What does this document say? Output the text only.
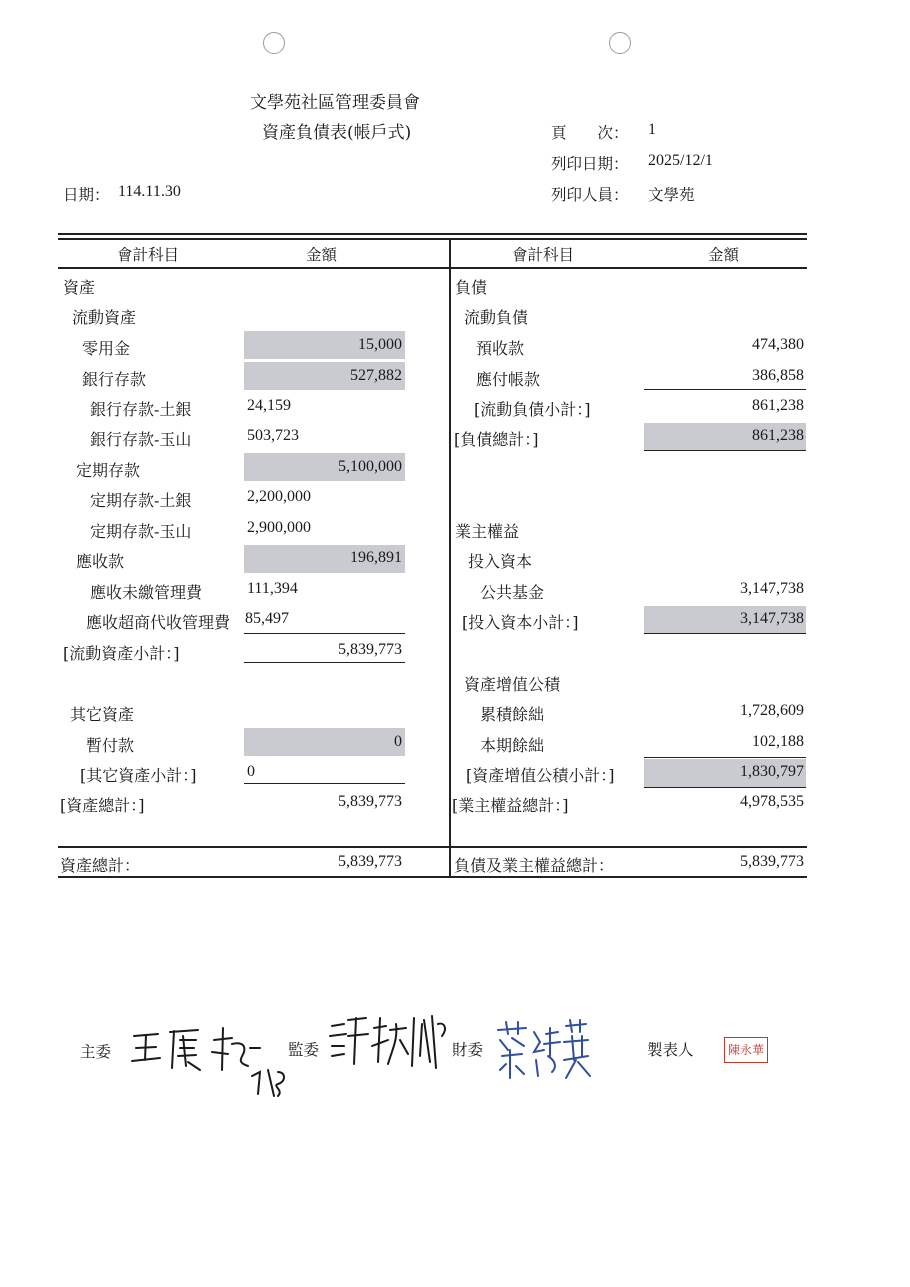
文學苑社區管理委員會
資產負債表(帳戶式)	頁　　次： 1
列印日期： 2025/12/1
列印人員： 文學苑
日期： 114.11.30
會計科目	金額	會計科目	金額
資產
流動資產
零用金	15,000
銀行存款	527,882
銀行存款-土銀	24,159
銀行存款-玉山	503,723
定期存款	5,100,000
定期存款-土銀	2,200,000
定期存款-玉山	2,900,000
應收款	196,891
應收未繳管理費	111,394
應收超商代收管理費 85,497
[流動資產小計：]	5,839,773
其它資產
暫付款	0
[其它資產小計：]	0
[資產總計：]	5,839,773
負債
流動負債
預收款	474,380
應付帳款	386,858
[流動負債小計：]	861,238
[負債總計：]	861,238
業主權益
投入資本
公共基金	3,147,738
[投入資本小計：]	3,147,738
資產增值公積
累積餘絀	1,728,609
本期餘絀	102,188
[資產增值公積小計：]	1,830,797
[業主權益總計：]	4,978,535
資產總計：	5,839,773	負債及業主權益總計：	5,839,773
主委	監委	財委	製表人	陳永華
